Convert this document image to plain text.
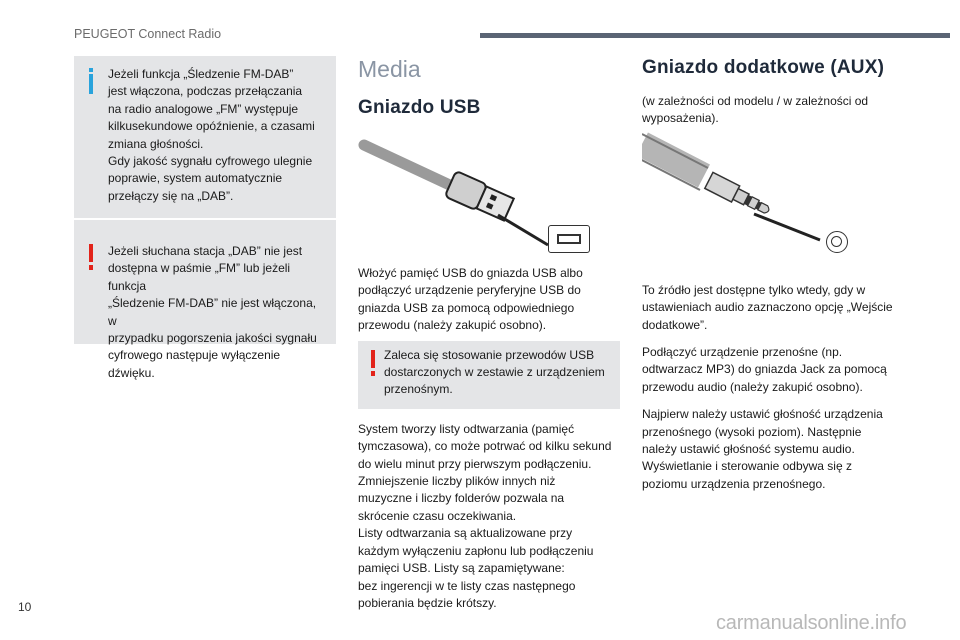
PEUGEOT Connect Radio

Jeżeli funkcja „Śledzenie FM-DAB”

jest włączona, podczas przełączania

na radio analogowe „FM” występuje

kilkusekundowe opóźnienie, a czasami

zmiana głośności.

Gdy jakość sygnału cyfrowego ulegnie

poprawie, system automatycznie

przełączy się na „DAB”.

Jeżeli słuchana stacja „DAB” nie jest

dostępna w paśmie „FM” lub jeżeli funkcja

„Śledzenie FM-DAB” nie jest włączona, w

przypadku pogorszenia jakości sygnału

cyfrowego następuje wyłączenie dźwięku.

Media
Gniazdo USB

Włożyć pamięć USB do gniazda USB albo

podłączyć urządzenie peryferyjne USB do

gniazda USB za pomocą odpowiedniego

przewodu (należy zakupić osobno).

Zaleca się stosowanie przewodów USB

dostarczonych w zestawie z urządzeniem

przenośnym.

System tworzy listy odtwarzania (pamięć

tymczasowa), co może potrwać od kilku sekund

do wielu minut przy pierwszym podłączeniu.

Zmniejszenie liczby plików innych niż

muzyczne i liczby folderów pozwala na

skrócenie czasu oczekiwania.

Listy odtwarzania są aktualizowane przy

każdym wyłączeniu zapłonu lub podłączeniu

pamięci USB. Listy są zapamiętywane:

bez ingerencji w te listy czas następnego

pobierania będzie krótszy.

Gniazdo dodatkowe (AUX)

(w zależności od modelu / w zależności od

wyposażenia).

To źródło jest dostępne tylko wtedy, gdy w

ustawieniach audio zaznaczono opcję „Wejście

dodatkowe”.

Podłączyć urządzenie przenośne (np.

odtwarzacz MP3) do gniazda Jack za pomocą

przewodu audio (należy zakupić osobno).

Najpierw należy ustawić głośność urządzenia

przenośnego (wysoki poziom). Następnie

należy ustawić głośność systemu audio.

Wyświetlanie i sterowanie odbywa się z

poziomu urządzenia przenośnego.

10
carmanualsonline.info
